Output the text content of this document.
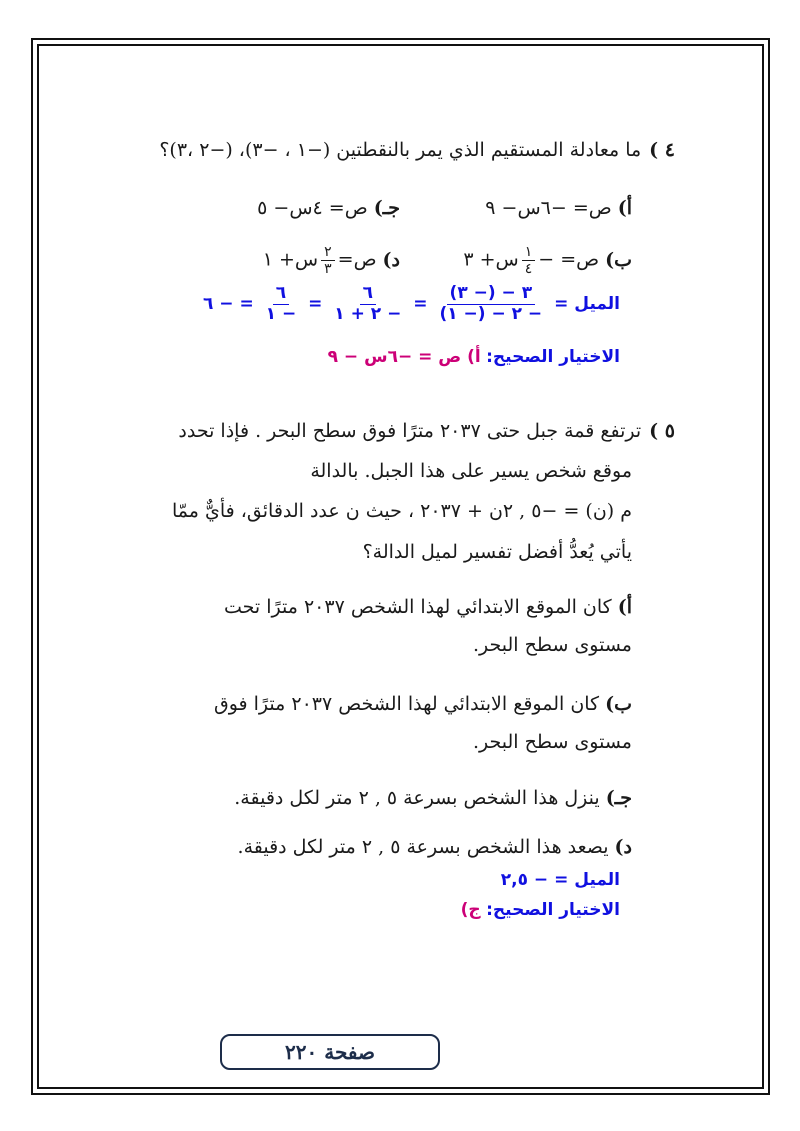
٤ )ما معادلة المستقيم الذي يمر بالنقطتين (−١ ، −٣)، (−٢ ،٣)؟
أ)ص= −٦س− ٩
جـ)ص= ٤س− ٥
ب)ص= −
$\frac{١}{٤}$
س+ ٣
د)ص=
$\frac{٢}{٣}$
س+ ١
الميل =
$\frac{٣ - (- ٣)}{- ٢ - (- ١)}$
=
$\frac{٦}{- ٢ + ١}$
=
$\frac{٦}{- ١}$
= − ٦
الاختيار الصحيح: أ) ص = −٦س − ٩
٥ )ترتفع قمة جبل حتى ٢٠٣٧ مترًا فوق سطح البحر . فإذا تحدد
موقع شخص يسير على هذا الجبل. بالدالة
م (ن) = −٥ , ٢ن + ٢٠٣٧ ، حيث ن عدد الدقائق، فأيٌّ ممّا
يأتي يُعدُّ أفضل تفسير لميل الدالة؟
أ)كان الموقع الابتدائي لهذا الشخص ٢٠٣٧ مترًا تحت
مستوى سطح البحر.
ب)كان الموقع الابتدائي لهذا الشخص ٢٠٣٧ مترًا فوق
مستوى سطح البحر.
جـ)ينزل هذا الشخص بسرعة ٥ , ٢ متر لكل دقيقة.
د)يصعد هذا الشخص بسرعة ٥ , ٢ متر لكل دقيقة.
الميل = − ٢,٥
الاختيار الصحيح: ج)
صفحة ٢٢٠
